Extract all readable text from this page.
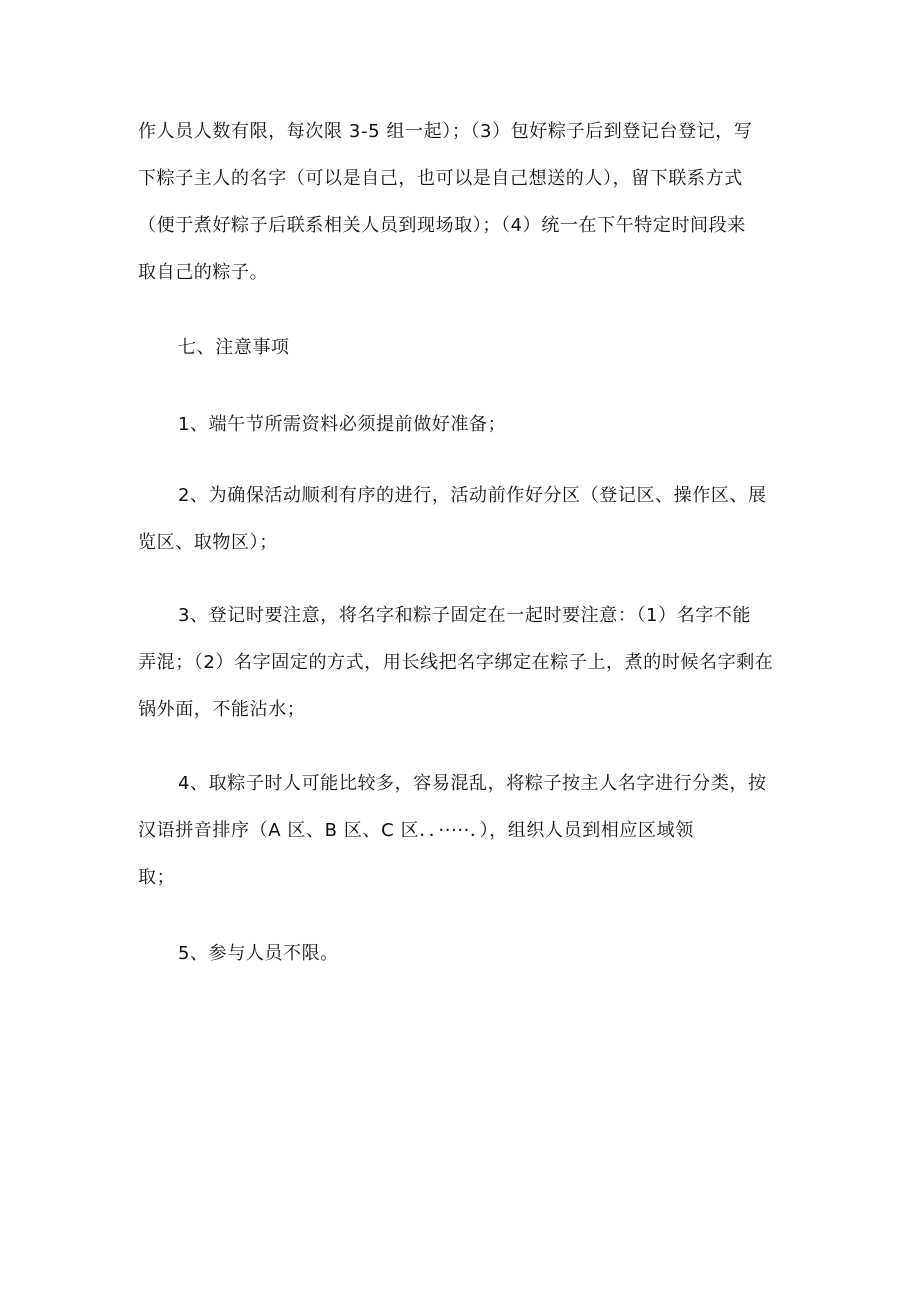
作人员人数有限，每次限 3-5 组一起）；（3）包好粽子后到登记台登记，写
下粽子主人的名字（可以是自己，也可以是自己想送的人），留下联系方式
（便于煮好粽子后联系相关人员到现场取）；（4）统一在下午特定时间段来
取自己的粽子。
七、注意事项
1、端午节所需资料必须提前做好准备；
2、为确保活动顺利有序的进行，活动前作好分区（登记区、操作区、展
览区、取物区）；
3、登记时要注意，将名字和粽子固定在一起时要注意：（1）名字不能
弄混；（2）名字固定的方式，用长线把名字绑定在粽子上，煮的时候名字剩在
锅外面，不能沾水；
4、取粽子时人可能比较多，容易混乱，将粽子按主人名字进行分类，按
汉语拼音排序（A 区、B 区、C 区．．·····．），组织人员到相应区域领
取；
5、参与人员不限。
